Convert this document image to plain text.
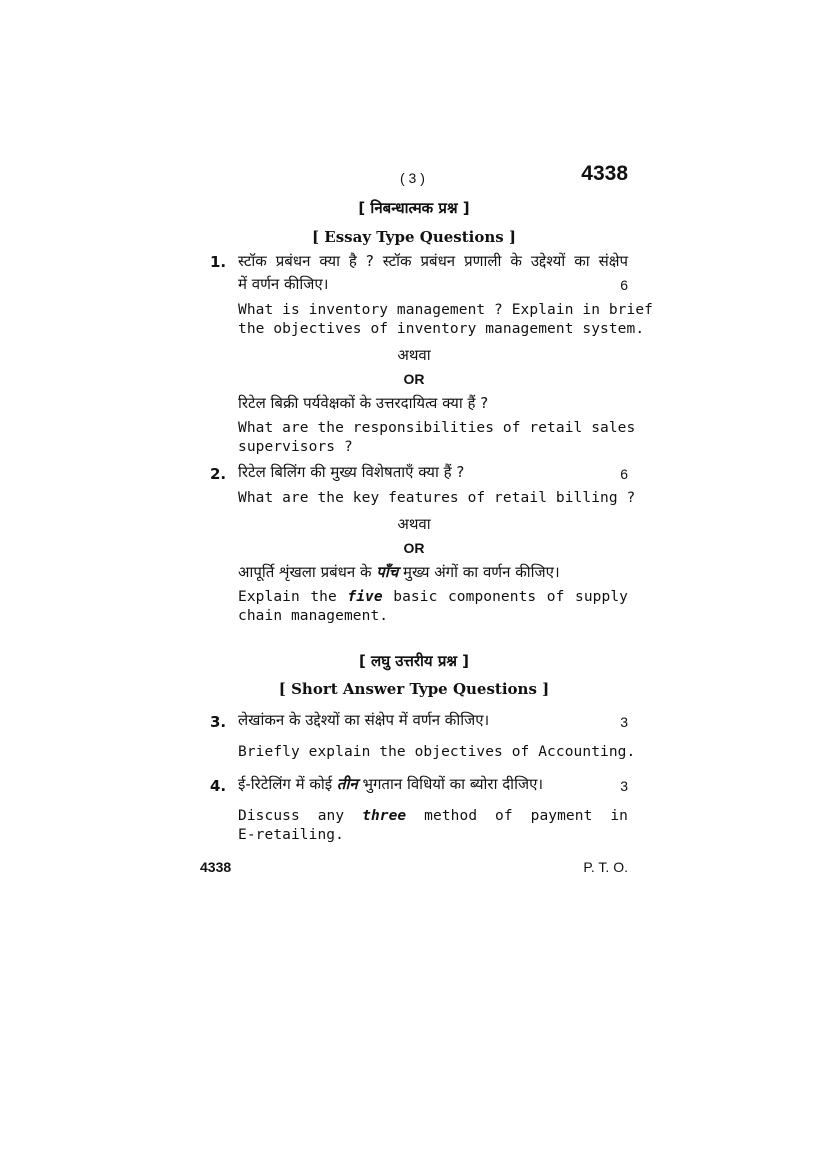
( 3 )	4338
[ निबन्धात्मक प्रश्न ]
[ Essay Type Questions ]
1. स्टॉक प्रबंधन क्या है ? स्टॉक प्रबंधन प्रणाली के उद्देश्यों का संक्षेप
में वर्णन कीजिए।	6
What is inventory management ? Explain in brief
the objectives of inventory management system.
अथवा
OR
रिटेल बिक्री पर्यवेक्षकों के उत्तरदायित्व क्या हैं ?
What are the responsibilities of retail sales
supervisors ?
2. रिटेल बिलिंग की मुख्य विशेषताएँ क्या हैं ?	6
What are the key features of retail billing ?
अथवा
OR
आपूर्ति शृंखला प्रबंधन के पाँच मुख्य अंगों का वर्णन कीजिए।
Explain the five basic components of supply
chain management.
[ लघु उत्तरीय प्रश्न ]
[ Short Answer Type Questions ]
3. लेखांकन के उद्देश्यों का संक्षेप में वर्णन कीजिए।	3
Briefly explain the objectives of Accounting.
4. ई-रिटेलिंग में कोई तीन भुगतान विधियों का ब्योरा दीजिए।	3
Discuss any three method of payment in
E-retailing.
4338	P. T. O.
